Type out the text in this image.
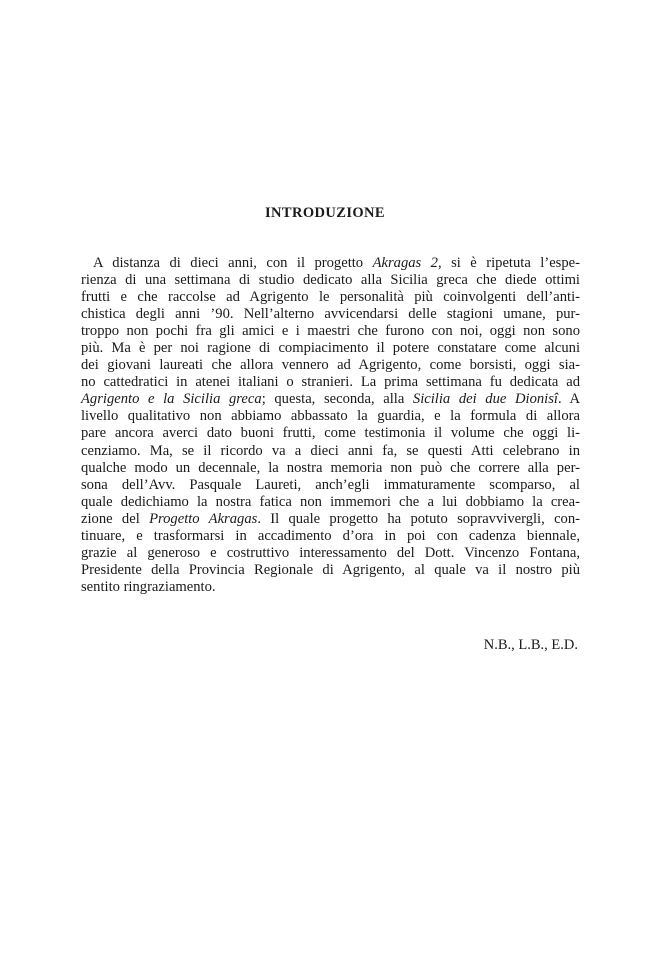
INTRODUZIONE
A distanza di dieci anni, con il progetto Akragas 2, si è ripetuta l’espe-
rienza di una settimana di studio dedicato alla Sicilia greca che diede ottimi
frutti e che raccolse ad Agrigento le personalità più coinvolgenti dell’anti-
chistica degli anni ’90. Nell’alterno avvicendarsi delle stagioni umane, pur-
troppo non pochi fra gli amici e i maestri che furono con noi, oggi non sono
più. Ma è per noi ragione di compiacimento il potere constatare come alcuni
dei giovani laureati che allora vennero ad Agrigento, come borsisti, oggi sia-
no cattedratici in atenei italiani o stranieri. La prima settimana fu dedicata ad
Agrigento e la Sicilia greca; questa, seconda, alla Sicilia dei due Dionisî. A
livello qualitativo non abbiamo abbassato la guardia, e la formula di allora
pare ancora averci dato buoni frutti, come testimonia il volume che oggi li-
cenziamo. Ma, se il ricordo va a dieci anni fa, se questi Atti celebrano in
qualche modo un decennale, la nostra memoria non può che correre alla per-
sona dell’Avv. Pasquale Laureti, anch’egli immaturamente scomparso, al
quale dedichiamo la nostra fatica non immemori che a lui dobbiamo la crea-
zione del Progetto Akragas. Il quale progetto ha potuto sopravvivergli, con-
tinuare, e trasformarsi in accadimento d’ora in poi con cadenza biennale,
grazie al generoso e costruttivo interessamento del Dott. Vincenzo Fontana,
Presidente della Provincia Regionale di Agrigento, al quale va il nostro più
sentito ringraziamento.

N.B., L.B., E.D.
